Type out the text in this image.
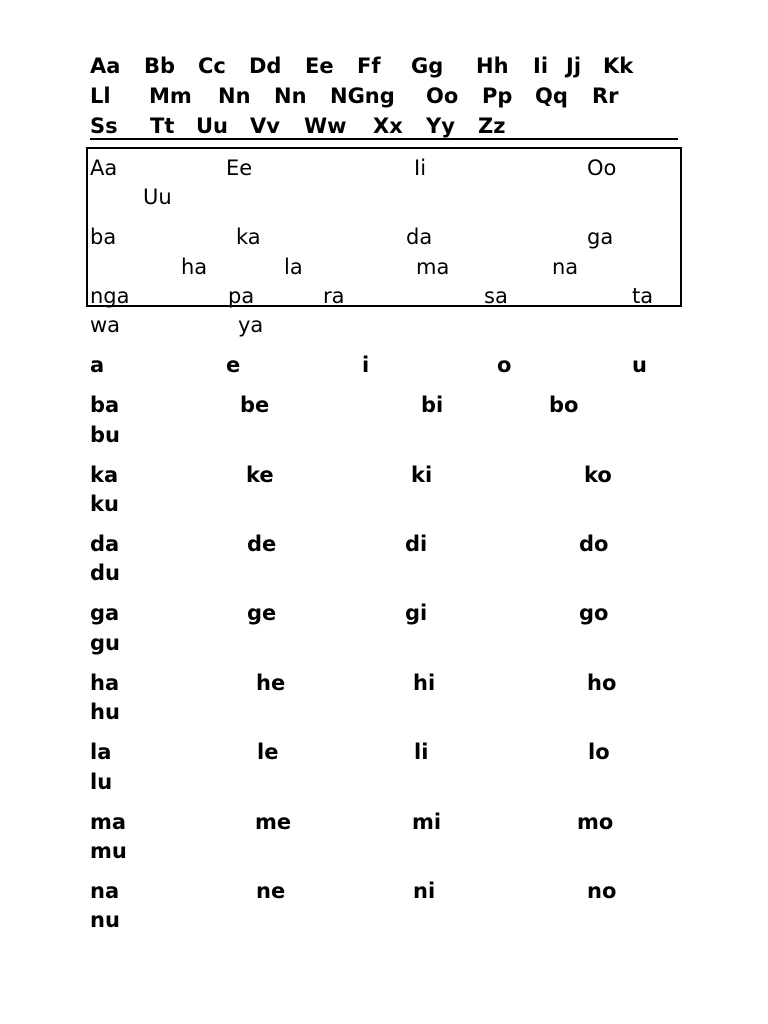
Aa Bb Cc Dd Ee Ff Gg Hh Ii Jj Kk
Ll Mm Nn Nn NGng Oo Pp Qq Rr
Ss Tt Uu Vv Ww Xx Yy Zz
Aa	Ee	Ii	Oo
Uu
ba	ka	da	ga
ha	la	ma	na
nga	pa	ra	sa	ta
wa	ya
a	e	i	o	u
ba	be	bi	bo
bu
ka	ke	ki	ko
ku
da	de	di	do
du
ga	ge	gi	go
gu
ha	he	hi	ho
hu
la	le	li	lo
lu
ma	me	mi	mo
mu
na	ne	ni	no
nu
